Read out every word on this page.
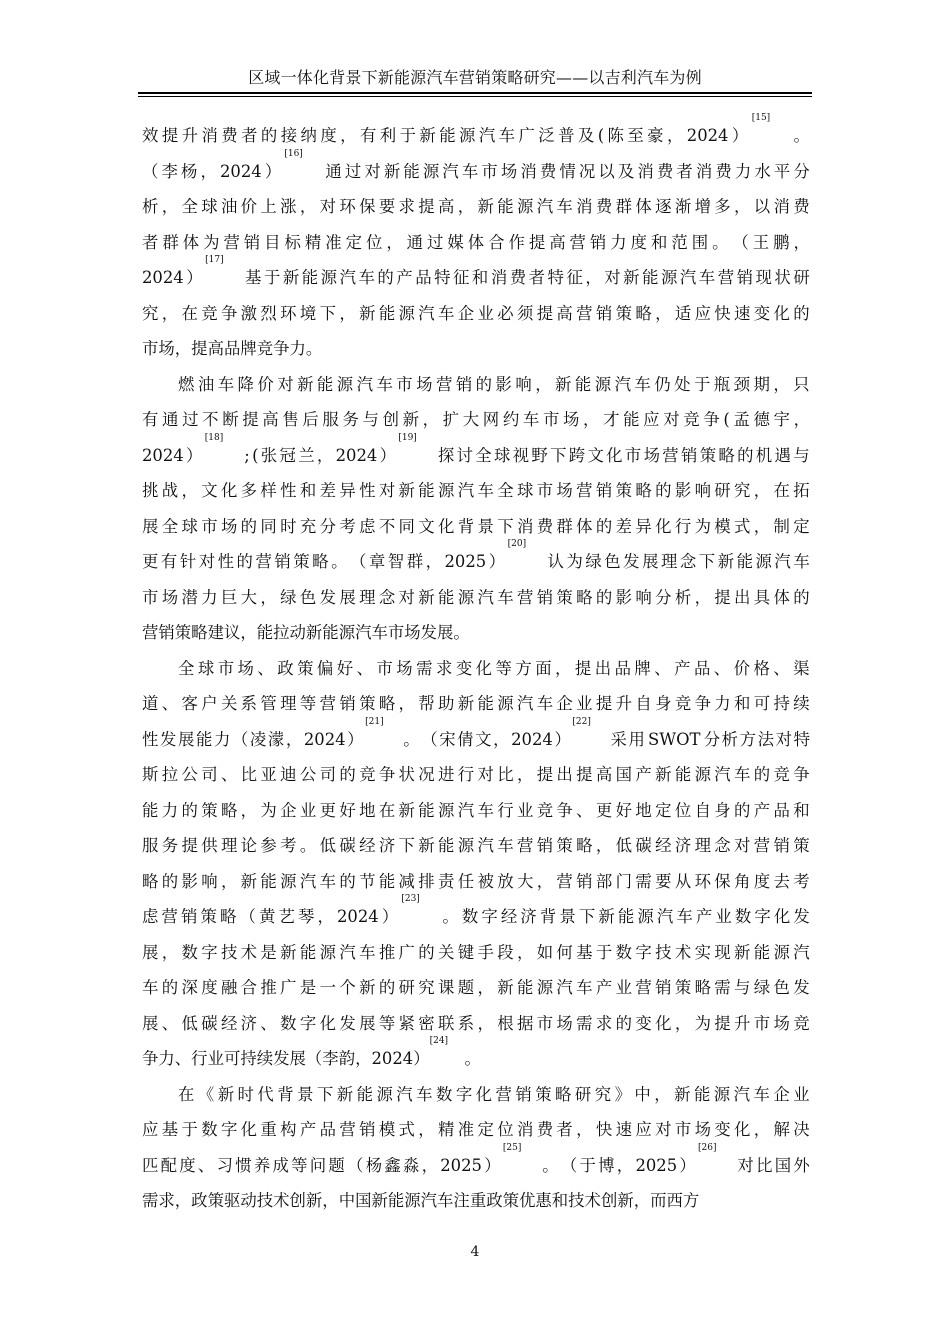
区域一体化背景下新能源汽车营销策略研究——以吉利汽车为例
效 提 升 消 费 者 的 接 纳 度 ， 有 利 于 新 能 源 汽 车 广 泛 普 及 ( 陈 至 豪 ， 2024 ）
[15]

。
（ 李 杨 ， 2024 ）
[16]

通 过 对 新 能 源 汽 车 市 场 消 费 情 况 以 及 消 费 者 消 费 力 水 平 分
析 ， 全 球 油 价 上 涨 ， 对 环 保 要 求 提 高 ， 新 能 源 汽 车 消 费 群 体 逐 渐 增 多 ， 以 消 费
者 群 体 为 营 销 目 标 精 准 定 位 ， 通 过 媒 体 合 作 提 高 营 销 力 度 和 范 围 。 （ 王 鹏 ，
2024 ）
[17]

基 于 新 能 源 汽 车 的 产 品 特 征 和 消 费 者 特 征 ， 对 新 能 源 汽 车 营 销 现 状 研
究 ， 在 竞 争 激 烈 环 境 下 ， 新 能 源 汽 车 企 业 必 须 提 高 营 销 策 略 ， 适 应 快 速 变 化 的
市 场 ， 提 高 品 牌 竞 争 力 。
燃 油 车 降 价 对 新 能 源 汽 车 市 场 营 销 的 影 响 ， 新 能 源 汽 车 仍 处 于 瓶 颈 期 ， 只
有 通 过 不 断 提 高 售 后 服 务 与 创 新 ， 扩 大 网 约 车 市 场 ， 才 能 应 对 竞 争 ( 孟 德 宇 ，
2024 ）
[18]

; ( 张 冠 兰 ， 2024 ）
[19]

探 讨 全 球 视 野 下 跨 文 化 市 场 营 销 策 略 的 机 遇 与
挑 战 ， 文 化 多 样 性 和 差 异 性 对 新 能 源 汽 车 全 球 市 场 营 销 策 略 的 影 响 研 究 ， 在 拓
展 全 球 市 场 的 同 时 充 分 考 虑 不 同 文 化 背 景 下 消 费 群 体 的 差 异 化 行 为 模 式 ， 制 定
更 有 针 对 性 的 营 销 策 略 。 （ 章 智 群 ， 2025 ）
[20]

认 为 绿 色 发 展 理 念 下 新 能 源 汽 车
市 场 潜 力 巨 大 ， 绿 色 发 展 理 念 对 新 能 源 汽 车 营 销 策 略 的 影 响 分 析 ， 提 出 具 体 的
营 销 策 略 建 议 ， 能 拉 动 新 能 源 汽 车 市 场 发 展 。
全 球 市 场 、 政 策 偏 好 、 市 场 需 求 变 化 等 方 面 ， 提 出 品 牌 、 产 品 、 价 格 、 渠
道 、 客 户 关 系 管 理 等 营 销 策 略 ， 帮 助 新 能 源 汽 车 企 业 提 升 自 身 竞 争 力 和 可 持 续
性 发 展 能 力 （ 凌 濛 ， 2024 ）
[21]

。 （ 宋 倩 文 ， 2024 ）
[22]

采 用 SWOT 分 析 方 法 对 特
斯 拉 公 司 、 比 亚 迪 公 司 的 竞 争 状 况 进 行 对 比 ， 提 出 提 高 国 产 新 能 源 汽 车 的 竞 争
能 力 的 策 略 ， 为 企 业 更 好 地 在 新 能 源 汽 车 行 业 竞 争 、 更 好 地 定 位 自 身 的 产 品 和
服 务 提 供 理 论 参 考 。 低 碳 经 济 下 新 能 源 汽 车 营 销 策 略 ， 低 碳 经 济 理 念 对 营 销 策
略 的 影 响 ， 新 能 源 汽 车 的 节 能 减 排 责 任 被 放 大 ， 营 销 部 门 需 要 从 环 保 角 度 去 考
虑 营 销 策 略 （ 黄 艺 琴 ， 2024 ）
[23]

。 数 字 经 济 背 景 下 新 能 源 汽 车 产 业 数 字 化 发
展 ， 数 字 技 术 是 新 能 源 汽 车 推 广 的 关 键 手 段 ， 如 何 基 于 数 字 技 术 实 现 新 能 源 汽
车 的 深 度 融 合 推 广 是 一 个 新 的 研 究 课 题 ， 新 能 源 汽 车 产 业 营 销 策 略 需 与 绿 色 发
展 、 低 碳 经 济 、 数 字 化 发 展 等 紧 密 联 系 ， 根 据 市 场 需 求 的 变 化 ， 为 提 升 市 场 竞
争 力 、 行 业 可 持 续 发 展 （ 李 韵 ， 2024 ）
[24]

。
在 《 新 时 代 背 景 下 新 能 源 汽 车 数 字 化 营 销 策 略 研 究 》 中 ， 新 能 源 汽 车 企 业
应 基 于 数 字 化 重 构 产 品 营 销 模 式 ， 精 准 定 位 消 费 者 ， 快 速 应 对 市 场 变 化 ， 解 决
匹 配 度 、 习 惯 养 成 等 问 题 （ 杨 鑫 淼 ， 2025 ）
[25]

。 （ 于 博 ， 2025 ）
[26]

对 比 国 外
需 求 ， 政 策 驱 动 技 术 创 新 ， 中 国 新 能 源 汽 车 注 重 政 策 优 惠 和 技 术 创 新 ， 而 西 方
4
